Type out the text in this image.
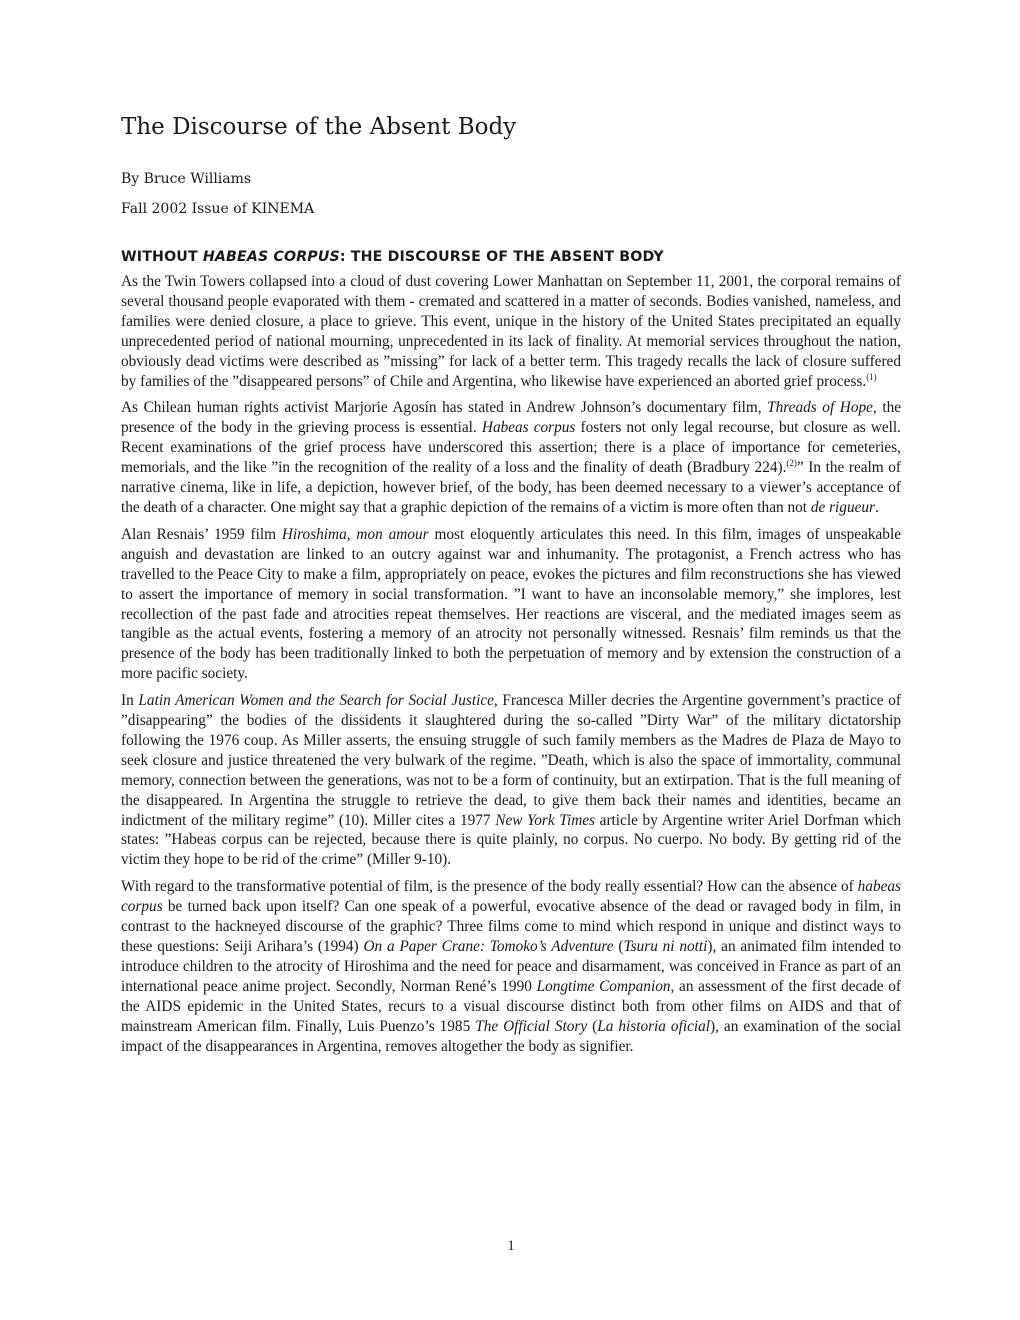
The Discourse of the Absent Body
By Bruce Williams
Fall 2002 Issue of KINEMA
WITHOUT HABEAS CORPUS: THE DISCOURSE OF THE ABSENT BODY

As the Twin Towers collapsed into a cloud of dust covering Lower Manhattan on September 11, 2001, the corporal remains of several thousand people evaporated with them - cremated and scattered in a matter of seconds. Bodies vanished, nameless, and families were denied closure, a place to grieve. This event, unique in the history of the United States precipitated an equally unprecedented period of national mourning, unprecedented in its lack of finality. At memorial services throughout the nation, obviously dead victims were described as ”missing” for lack of a better term. This tragedy recalls the lack of closure suffered by families of the ”disappeared persons” of Chile and Argentina, who likewise have experienced an aborted grief process.$^{(1)}$

As Chilean human rights activist Marjorie Agosín has stated in Andrew Johnson’s documentary film, Threads of Hope, the presence of the body in the grieving process is essential. Habeas corpus fosters not only legal recourse, but closure as well. Recent examinations of the grief process have underscored this assertion; there is a place of importance for cemeteries, memorials, and the like ”in the recognition of the reality of a loss and the finality of death (Bradbury 224).$^{(2)}$” In the realm of narrative cinema, like in life, a depiction, however brief, of the body, has been deemed necessary to a viewer’s acceptance of the death of a character. One might say that a graphic depiction of the remains of a victim is more often than not de rigueur.

Alan Resnais’ 1959 film Hiroshima, mon amour most eloquently articulates this need. In this film, images of unspeakable anguish and devastation are linked to an outcry against war and inhumanity. The protagonist, a French actress who has travelled to the Peace City to make a film, appropriately on peace, evokes the pictures and film reconstructions she has viewed to assert the importance of memory in social transformation. ”I want to have an inconsolable memory,” she implores, lest recollection of the past fade and atrocities repeat themselves. Her reactions are visceral, and the mediated images seem as tangible as the actual events, fostering a memory of an atrocity not personally witnessed. Resnais’ film reminds us that the presence of the body has been traditionally linked to both the perpetuation of memory and by extension the construction of a more pacific society.

In Latin American Women and the Search for Social Justice, Francesca Miller decries the Argentine government’s practice of ”disappearing” the bodies of the dissidents it slaughtered during the so-called ”Dirty War” of the military dictatorship following the 1976 coup. As Miller asserts, the ensuing struggle of such family members as the Madres de Plaza de Mayo to seek closure and justice threatened the very bulwark of the regime. ”Death, which is also the space of immortality, communal memory, connection between the generations, was not to be a form of continuity, but an extirpation. That is the full meaning of the disappeared. In Argentina the struggle to retrieve the dead, to give them back their names and identities, became an indictment of the military regime” (10). Miller cites a 1977 New York Times article by Argentine writer Ariel Dorfman which states: ”Habeas corpus can be rejected, because there is quite plainly, no corpus. No cuerpo. No body. By getting rid of the victim they hope to be rid of the crime” (Miller 9-10).

With regard to the transformative potential of film, is the presence of the body really essential? How can the absence of habeas corpus be turned back upon itself? Can one speak of a powerful, evocative absence of the dead or ravaged body in film, in contrast to the hackneyed discourse of the graphic? Three films come to mind which respond in unique and distinct ways to these questions: Seiji Arihara’s (1994) On a Paper Crane: Tomoko’s Adventure (Tsuru ni notti), an animated film intended to introduce children to the atrocity of Hiroshima and the need for peace and disarmament, was conceived in France as part of an international peace anime project. Secondly, Norman René’s 1990 Longtime Companion, an assessment of the first decade of the AIDS epidemic in the United States, recurs to a visual discourse distinct both from other films on AIDS and that of mainstream American film. Finally, Luis Puenzo’s 1985 The Official Story (La historia oficial), an examination of the social impact of the disappearances in Argentina, removes altogether the body as signifier.

1
